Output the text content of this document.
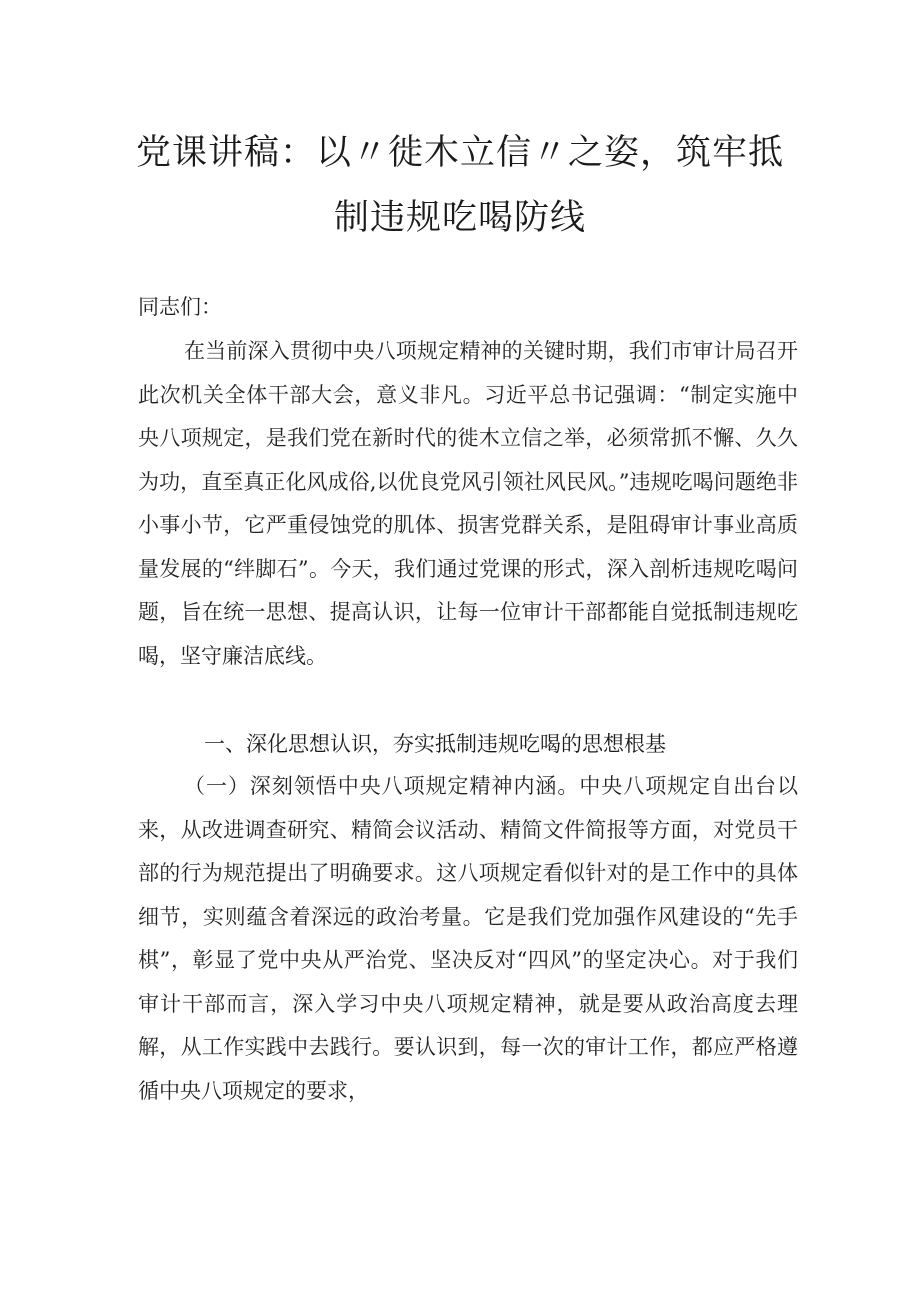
党课讲稿：以〃徙木立信〃之姿，筑牢抵
制违规吃喝防线
同志们：

在当前深入贯彻中央八项规定精神的关键时期，我们市审计局召开此次机关全体干部大会，意义非凡。习近平总书记强调：“制定实施中央八项规定，是我们党在新时代的徙木立信之举，必须常抓不懈、久久为功，直至真正化风成俗,以优良党风引领社风民风。”违规吃喝问题绝非小事小节，它严重侵蚀党的肌体、损害党群关系，是阻碍审计事业高质量发展的“绊脚石”。今天，我们通过党课的形式，深入剖析违规吃喝问题，旨在统一思想、提高认识，让每一位审计干部都能自觉抵制违规吃喝，坚守廉洁底线。

一、深化思想认识，夯实抵制违规吃喝的思想根基

（一）深刻领悟中央八项规定精神内涵。中央八项规定自出台以来，从改进调查研究、精简会议活动、精简文件简报等方面，对党员干部的行为规范提出了明确要求。这八项规定看似针对的是工作中的具体细节，实则蕴含着深远的政治考量。它是我们党加强作风建设的“先手棋”，彰显了党中央从严治党、坚决反对“四风”的坚定决心。对于我们审计干部而言，深入学习中央八项规定精神，就是要从政治高度去理解，从工作实践中去践行。要认识到，每一次的审计工作，都应严格遵循中央八项规定的要求，
